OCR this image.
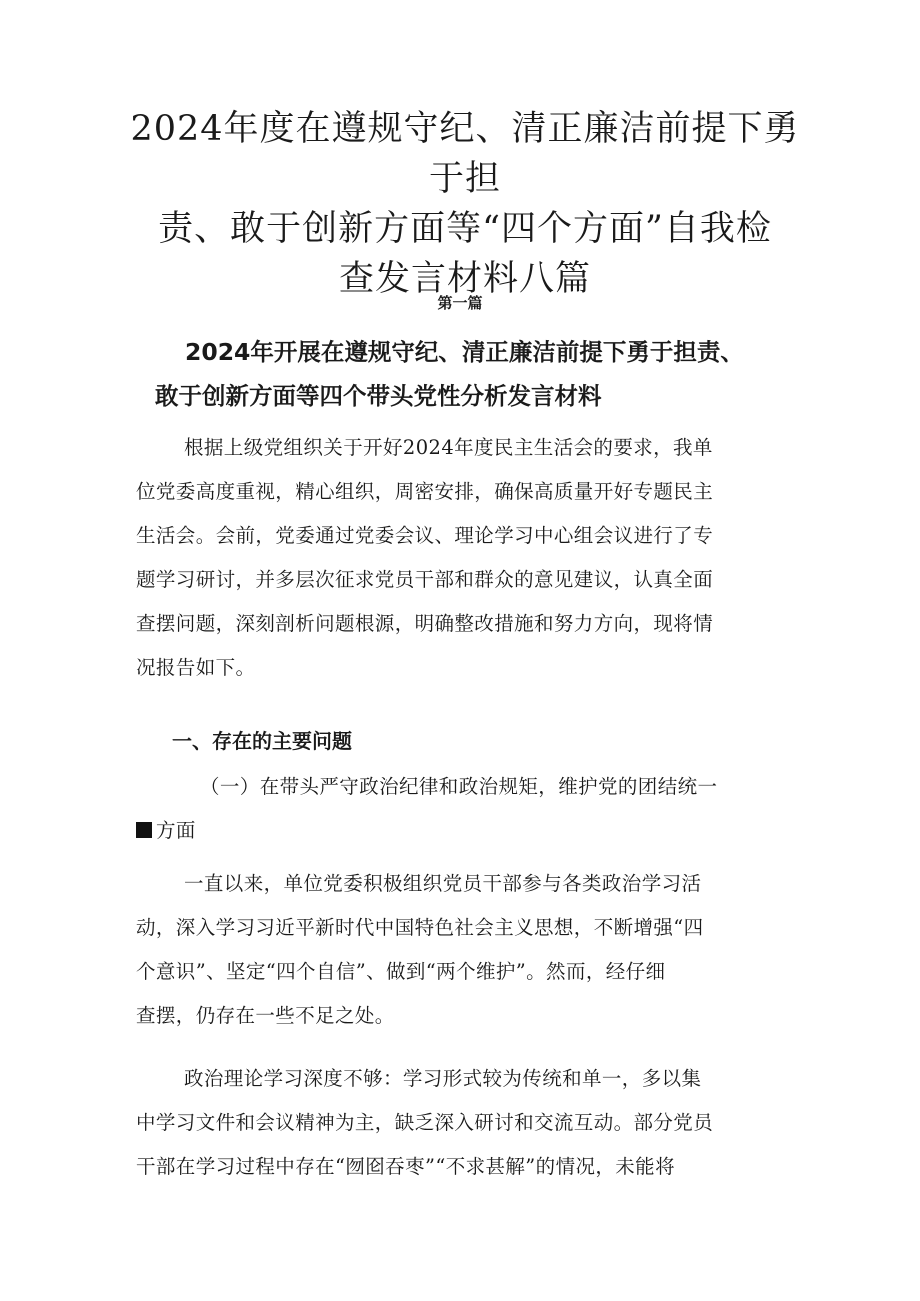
2024年度在遵规守纪、清正廉洁前提下勇于担
责、敢于创新方面等“四个方面”自我检
查发言材料八篇
第一篇
2024年开展在遵规守纪、清正廉洁前提下勇于担责、
敢于创新方面等四个带头党性分析发言材料
根据上级党组织关于开好2024年度民主生活会的要求，我单
位党委高度重视，精心组织，周密安排，确保高质量开好专题民主
生活会。会前，党委通过党委会议、理论学习中心组会议进行了专
题学习研讨，并多层次征求党员干部和群众的意见建议，认真全面
查摆问题，深刻剖析问题根源，明确整改措施和努力方向，现将情
况报告如下。
一、存在的主要问题
（一）在带头严守政治纪律和政治规矩，维护党的团结统一
方面
一直以来，单位党委积极组织党员干部参与各类政治学习活
动，深入学习习近平新时代中国特色社会主义思想，不断增强“四
个意识”、坚定“四个自信”、做到“两个维护”。然而，经仔细
查摆，仍存在一些不足之处。
政治理论学习深度不够：学习形式较为传统和单一，多以集
中学习文件和会议精神为主，缺乏深入研讨和交流互动。部分党员
干部在学习过程中存在“囫囵吞枣”“不求甚解”的情况，未能将
